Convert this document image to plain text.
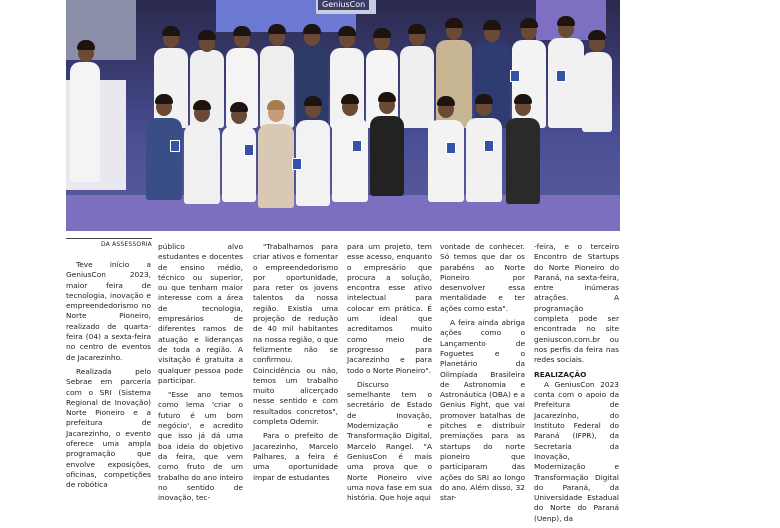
GeniusCon
DA ASSESSORIA

Teve início a GeniusCon 2023, maior feira de tecnologia, inovação e empreendedorismo no Norte Pioneiro, realizado de quarta-feira (04) a sexta-feira no centro de eventos de Jacarezinho.

Realizada pelo Sebrae em parceria com o SRI (Sistema Regional de Inovação) Norte Pioneiro e a prefeitura de Jacarezinho, o evento oferece uma ampla programação que envolve exposições, oficinas, competições de robótica

público alvo estudantes e docentes de ensino médio, técnico ou superior, ou que tenham maior interesse com a área de tecnologia, empresários de diferentes ramos de atuação e lideranças de toda a região. A visitação é gratuita a qualquer pessoa pode participar.

"Esse ano temos como lema 'criar o futuro é um bom negócio', e acredito que isso já dá uma boa ideia do objetivo da feira, que vem como fruto de um trabalho do ano inteiro no sentido de inovação, tec-

"Trabalhamos para criar ativos e fomentar o empreendedorismo por oportunidade, para reter os jovens talentos da nossa região. Existia uma projeção de redução de 40 mil habitantes na nossa região, o que felizmente não se confirmou. Coincidência ou não, temos um trabalho muito alicerçado nesse sentido e com resultados concretos", completa Odemir.

Para o prefeito de Jacarezinho, Marcelo Palhares, a feira é uma oportunidade ímpar de estudantes

para um projeto, tem esse acesso, enquanto o empresário que procura a solução, encontra esse ativo intelectual para colocar em prática. É um ideal que acreditamos muito como meio de progresso para Jacarezinho e para todo o Norte Pioneiro".

Discurso semelhante tem o secretário de Estado de Inovação, Modernização e Transformação Digital, Marcelo Rangel. "A GeniusCon é mais uma prova que o Norte Pioneiro vive uma nova fase em sua história. Que hoje aqui

vontade de conhecer. Só temos que dar os parabéns ao Norte Pioneiro por desenvolver essa mentalidade e ter ações como esta".

A feira ainda abriga ações como o Lançamento de Foguetes e o Planetário da Olimpíada Brasileira de Astronomia e Astronáutica (OBA) e a Genius Fight, que vai promover batalhas de pitches e distribuir premiações para as startups do norte pioneiro que participaram das ações do SRI ao longo do ano. Além disso, 32 star-

-feira, e o terceiro Encontro de Startups do Norte Pioneiro do Paraná, na sexta-feira, entre inúmeras atrações. A programação completa pode ser encontrada no site geniuscon.com.br ou nos perfis da feira nas redes sociais.

REALIZAÇÃO

A GeniusCon 2023 conta com o apoio da Prefeitura de Jacarezinho, do Instituto Federal do Paraná (IFPR), da Secretaria da Inovação, Modernização e Transformação Digital do Paraná, da Universidade Estadual do Norte do Paraná (Uenp), da
